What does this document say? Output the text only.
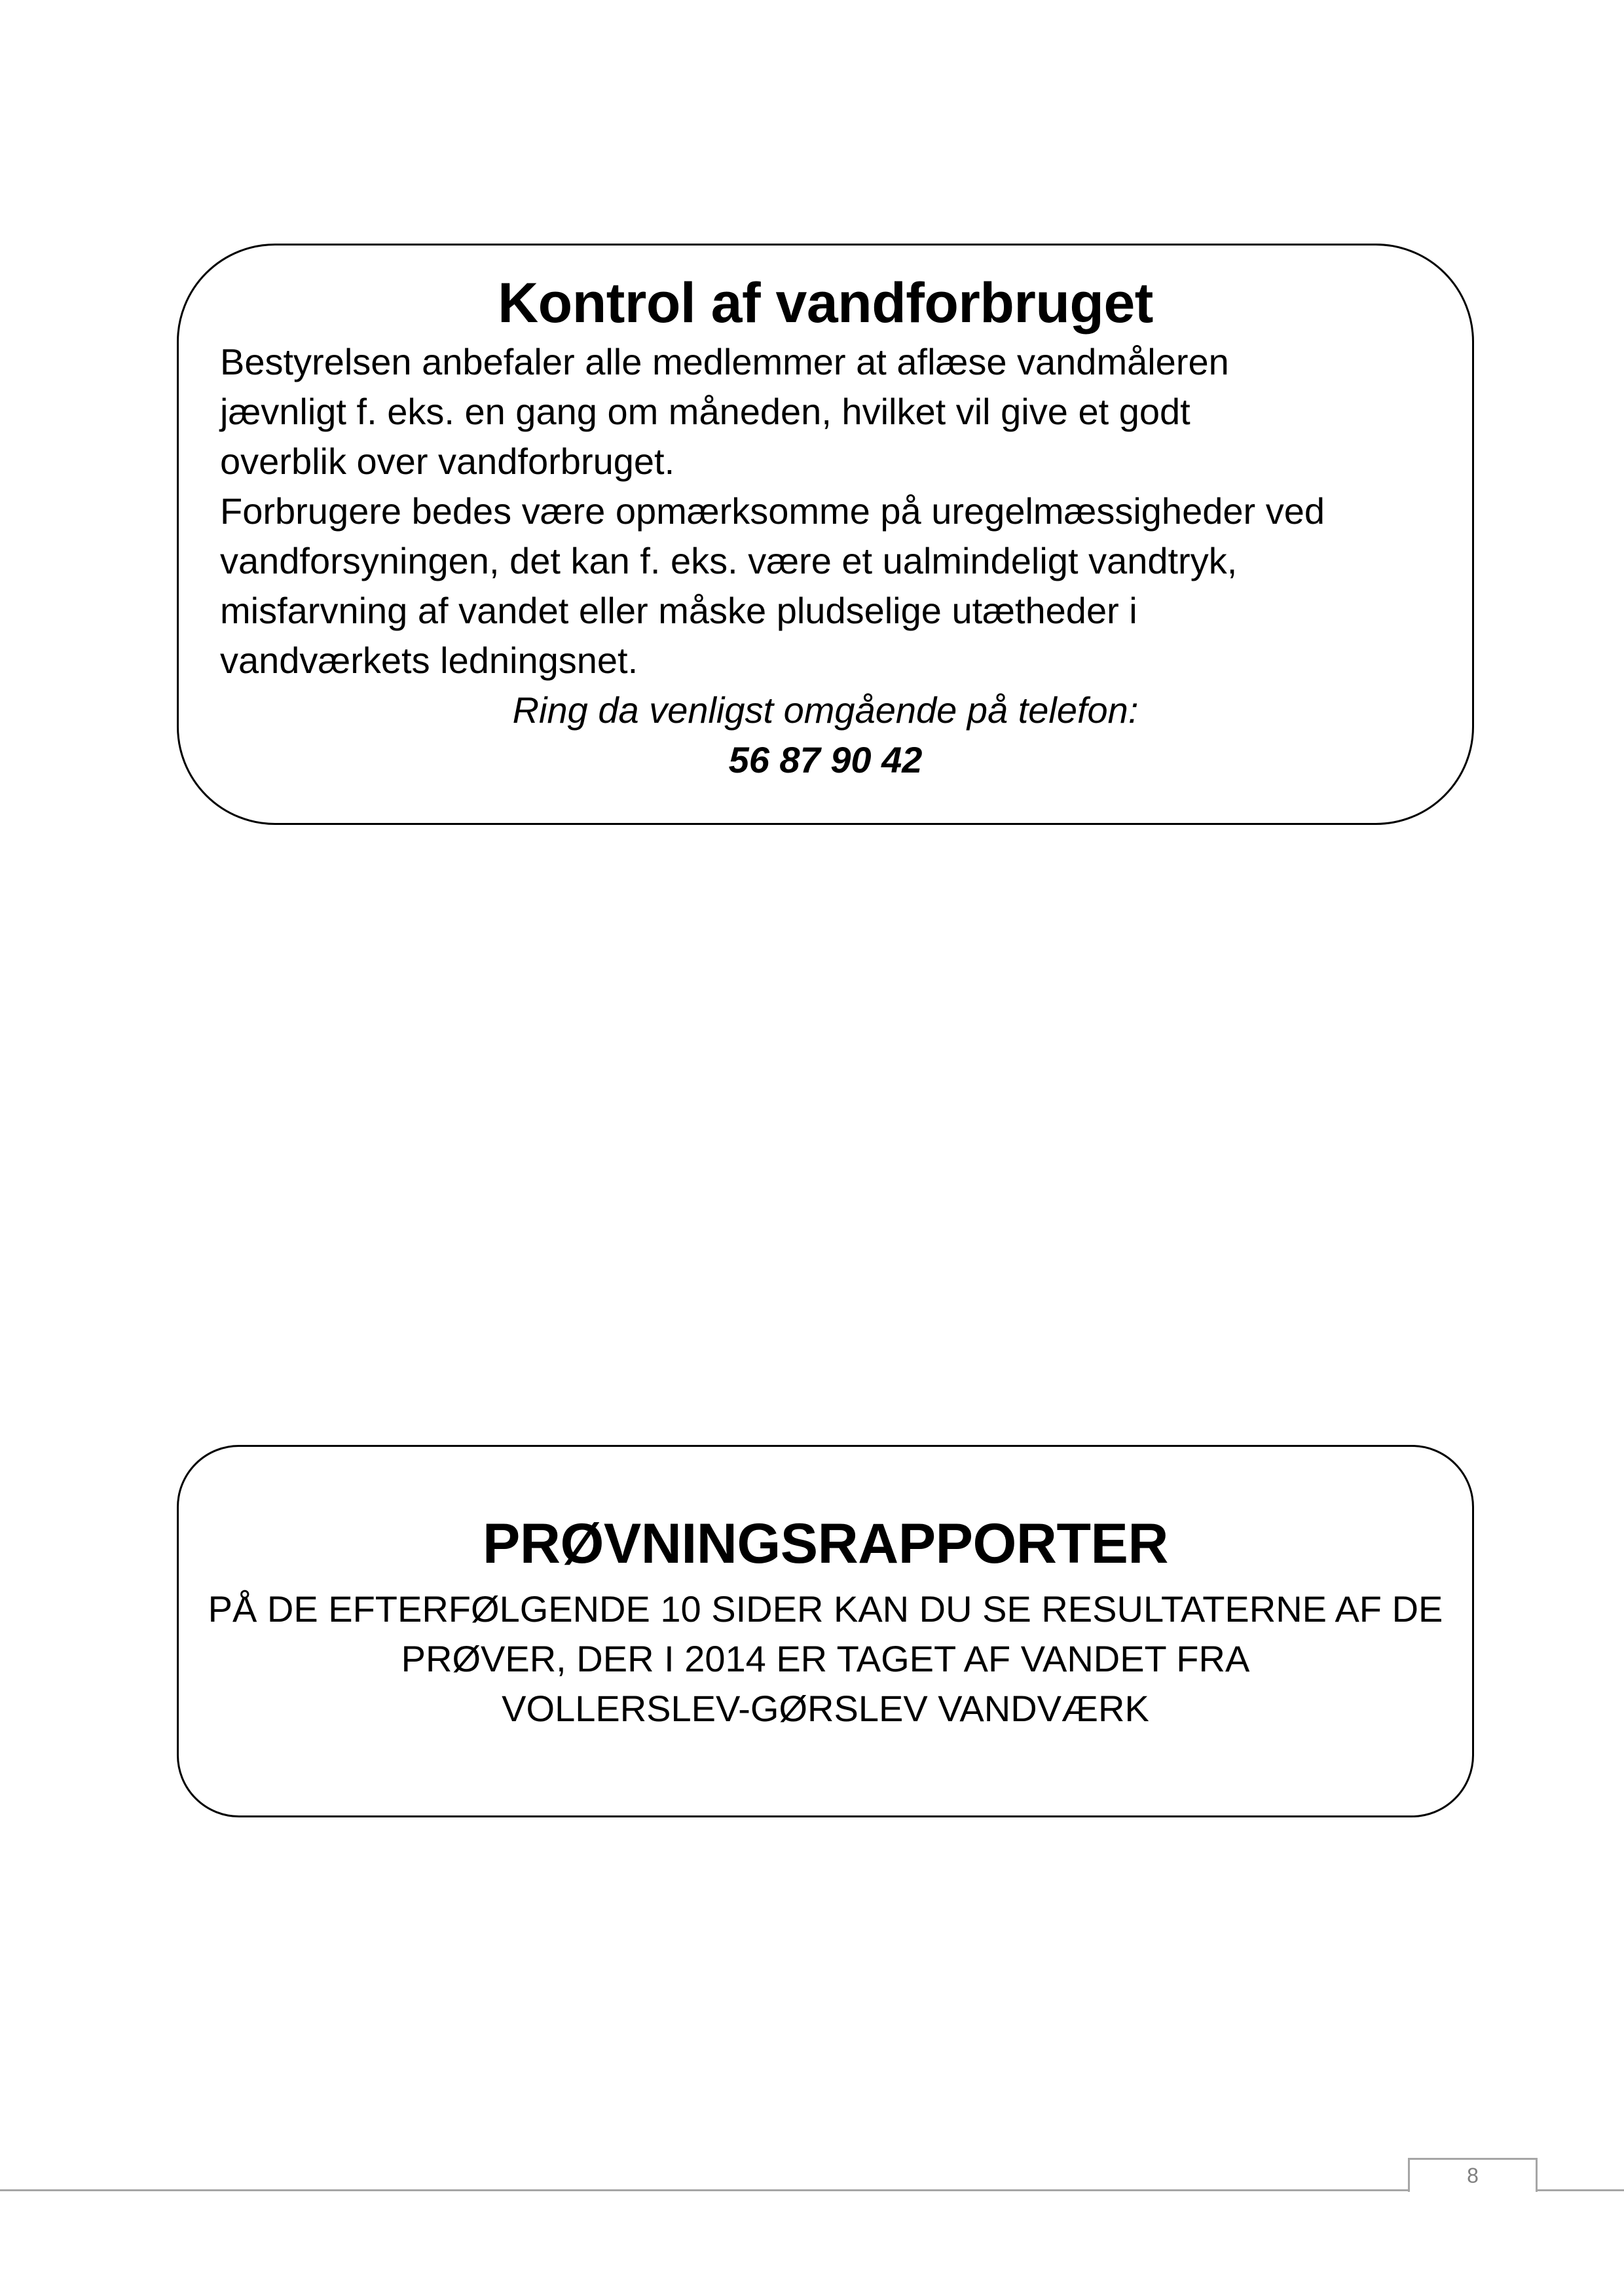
Kontrol af vandforbruget
Bestyrelsen anbefaler alle medlemmer at aflæse vandmåleren
jævnligt f. eks. en gang om måneden, hvilket vil give et godt
overblik over vandforbruget.
Forbrugere bedes være opmærksomme på uregelmæssigheder ved
vandforsyningen, det kan f. eks. være et ualmindeligt vandtryk,
misfarvning af vandet eller måske pludselige utætheder i
vandværkets ledningsnet.
Ring da venligst omgående på telefon:
56 87 90 42
PRØVNINGSRAPPORTER
PÅ DE EFTERFØLGENDE 10 SIDER KAN DU SE RESULTATERNE AF DE
PRØVER, DER I 2014 ER TAGET AF VANDET FRA
VOLLERSLEV-GØRSLEV VANDVÆRK
8
